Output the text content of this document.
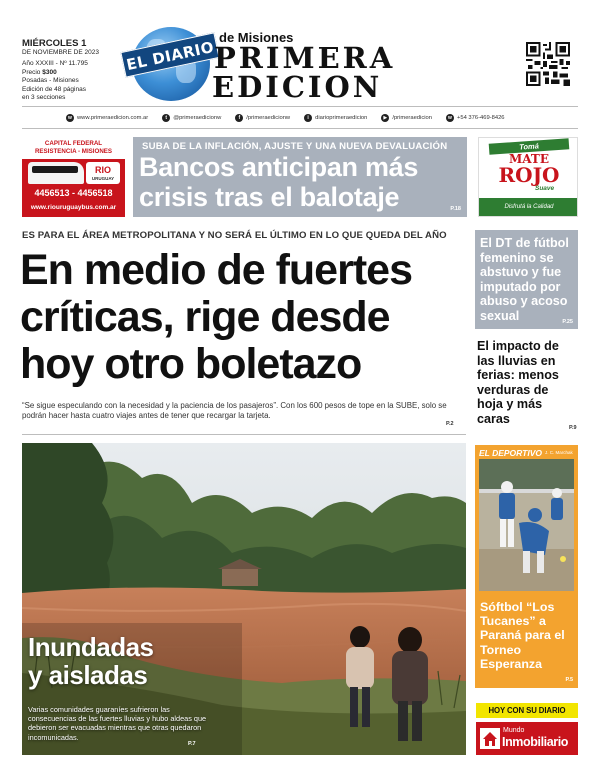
MIÉRCOLES 1
DE NOVIEMBRE DE 2023
Año XXXIII - Nº 11.795
Precio $300
Posadas - Misiones
Edición de 48 páginas
en 3 secciones
EL DIARIO
de Misiones
PRIMERA
EDICION
w www.primeraedicion.com.ar	t	@primeraedicionw	f	/primeraedicionw	i	diarioprimeraedicion	▶ /primeraedicion	w +54 376-469-8426
CAPITAL FEDERAL
RESISTENCIA - MISIONES
RIO
URUGUAY
4456513 - 4456518
www.riouruguaybus.com.ar
SUBA DE LA INFLACIÓN, AJUSTE Y UNA NUEVA DEVALUACIÓN
Bancos anticipan más crisis tras el balotaje	P.18
Tomá
MATE
ROJO
Suave
Disfrutá la Calidad
ES PARA EL ÁREA METROPOLITANA Y NO SERÁ EL ÚLTIMO EN LO QUE QUEDA DEL AÑO
En medio de fuertes críticas, rige desde hoy otro boletazo
“Se sigue especulando con la necesidad y la paciencia de los pasajeros”. Con los 600 pesos de tope en la SUBE, solo se podrán hacer hasta cuatro viajes antes de tener que recargar la tarjeta.
P.2
Inundadas
y aisladas
Varias comunidades guaraníes sufrieron las consecuencias de las fuertes lluvias y hubo aldeas que debieron ser evacuadas mientras que otras quedaron incomunicadas.
P.7
El DT de fútbol femenino se abstuvo y fue imputado por abuso y acoso sexual	P.25
El impacto de las lluvias en ferias: menos verduras de hoja y más caras
P.9
EL DEPORTIVO J. C. Marchak
Sóftbol “Los Tucanes” a Paraná para el Torneo Esperanza
P.5
HOY CON SU DIARIO
Mundo
Inmobiliario
